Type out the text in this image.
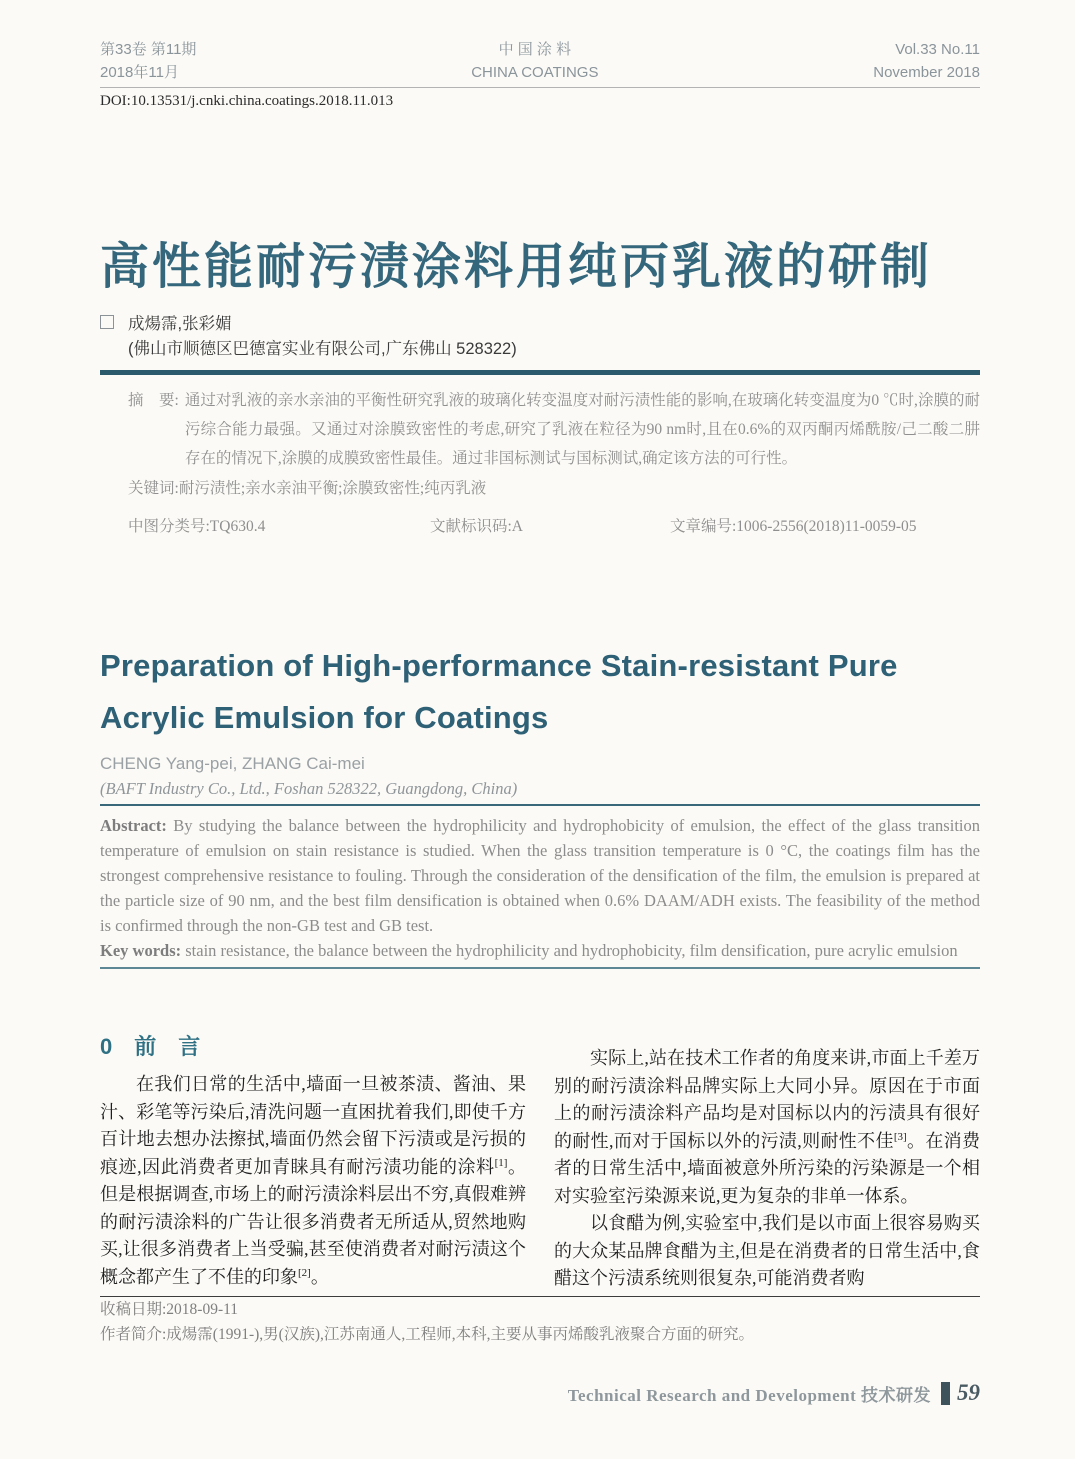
第33卷 第11期
2018年11月
中 国 涂 料
CHINA COATINGS
Vol.33 No.11
November 2018
DOI:10.13531/j.cnki.china.coatings.2018.11.013
高性能耐污渍涂料用纯丙乳液的研制
成煬霈,张彩媚
(佛山市顺德区巴德富实业有限公司,广东佛山 528322)
摘　要: 通过对乳液的亲水亲油的平衡性研究乳液的玻璃化转变温度对耐污渍性能的影响,在玻璃化转变温度为0 ℃时,涂膜的耐污综合能力最强。又通过对涂膜致密性的考虑,研究了乳液在粒径为90 nm时,且在0.6%的双丙酮丙烯酰胺/己二酸二肼存在的情况下,涂膜的成膜致密性最佳。通过非国标测试与国标测试,确定该方法的可行性。
关键词:耐污渍性;亲水亲油平衡;涂膜致密性;纯丙乳液
中图分类号:TQ630.4	文献标识码:A	文章编号:1006-2556(2018)11-0059-05
Preparation of High-performance Stain-resistant Pure
Acrylic Emulsion for Coatings
CHENG Yang-pei, ZHANG Cai-mei
(BAFT Industry Co., Ltd., Foshan 528322, Guangdong, China)
Abstract: By studying the balance between the hydrophilicity and hydrophobicity of emulsion, the effect of the glass transition temperature of emulsion on stain resistance is studied. When the glass transition temperature is 0 °C, the coatings film has the strongest comprehensive resistance to fouling. Through the consideration of the densification of the film, the emulsion is prepared at the particle size of 90 nm, and the best film densification is obtained when 0.6% DAAM/ADH exists. The feasibility of the method is confirmed through the non-GB test and GB test.
Key words: stain resistance, the balance between the hydrophilicity and hydrophobicity, film densification, pure acrylic emulsion
0 前　言

在我们日常的生活中,墙面一旦被茶渍、酱油、果汁、彩笔等污染后,清洗问题一直困扰着我们,即使千方百计地去想办法擦拭,墙面仍然会留下污渍或是污损的痕迹,因此消费者更加青睐具有耐污渍功能的涂料[1]。但是根据调查,市场上的耐污渍涂料层出不穷,真假难辨的耐污渍涂料的广告让很多消费者无所适从,贸然地购买,让很多消费者上当受骗,甚至使消费者对耐污渍这个概念都产生了不佳的印象[2]。

实际上,站在技术工作者的角度来讲,市面上千差万别的耐污渍涂料品牌实际上大同小异。原因在于市面上的耐污渍涂料产品均是对国标以内的污渍具有很好的耐性,而对于国标以外的污渍,则耐性不佳[3]。在消费者的日常生活中,墙面被意外所污染的污染源是一个相对实验室污染源来说,更为复杂的非单一体系。

以食醋为例,实验室中,我们是以市面上很容易购买的大众某品牌食醋为主,但是在消费者的日常生活中,食醋这个污渍系统则很复杂,可能消费者购

收稿日期:2018-09-11
作者简介:成煬霈(1991-),男(汉族),江苏南通人,工程师,本科,主要从事丙烯酸乳液聚合方面的研究。
Technical Research and Development 技术研发 59
